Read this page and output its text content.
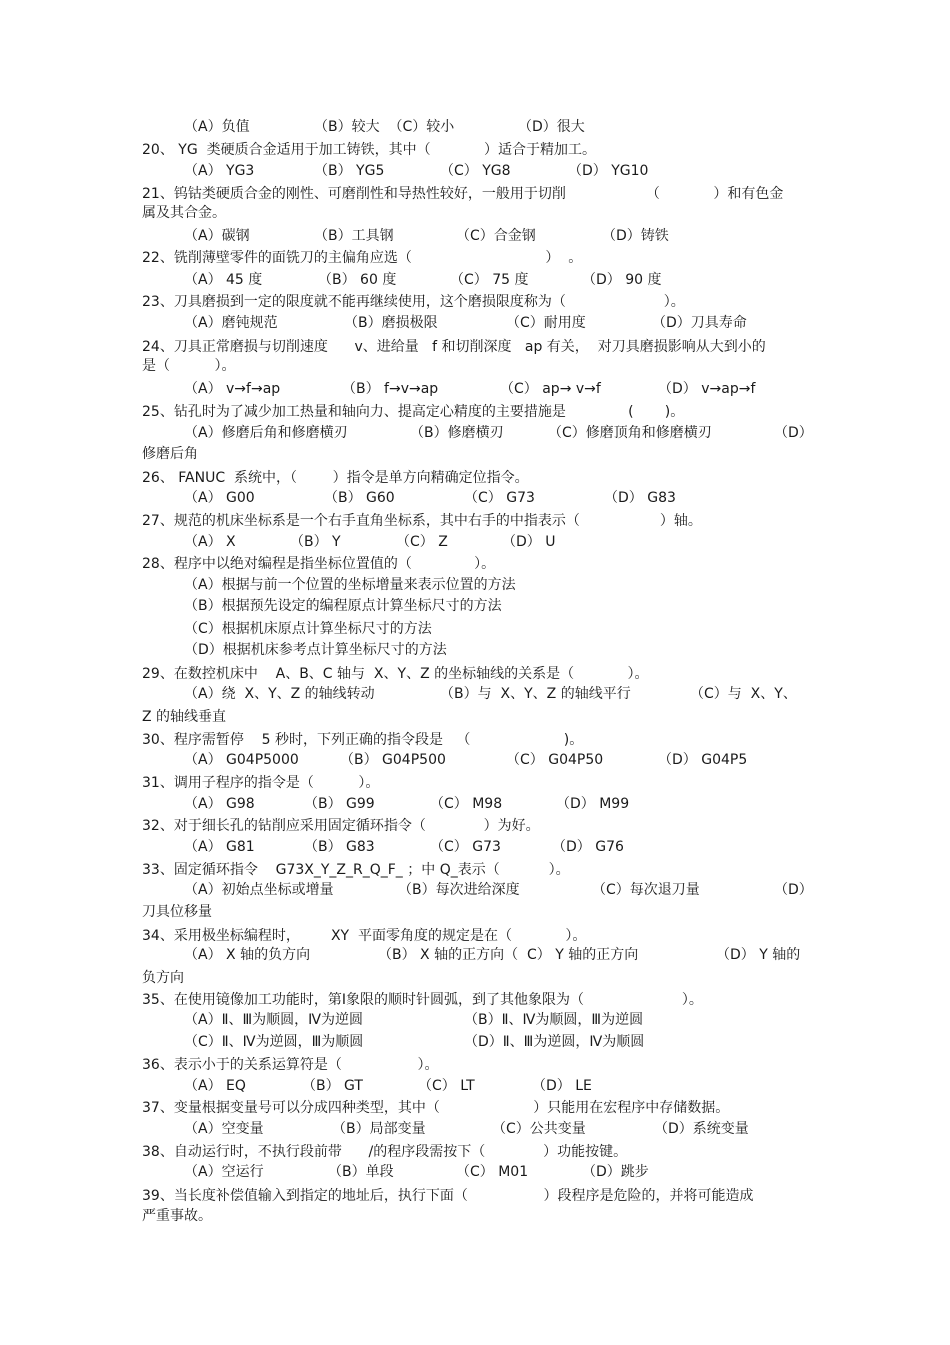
（A）负值	（B）较大  （C）较小	（D）很大
20、 YG  类硬质合金适用于加工铸铁，其中（            ）适合于精加工。
（A） YG3	（B） YG5	（C） YG8	（D） YG10
21、钨钴类硬质合金的刚性、可磨削性和导热性较好，一般用于切削                  （            ）和有色金
属及其合金。
（A）碳钢	（B）工具钢	（C）合金钢	（D）铸铁
22、铣削薄壁零件的面铣刀的主偏角应选（                              ）  。
（A） 45 度	（B） 60 度	（C） 75 度	（D） 90 度
23、刀具磨损到一定的限度就不能再继续使用，这个磨损限度称为（                      ）。
（A）磨钝规范	（B）磨损极限	（C）耐用度	（D）刀具寿命
24、刀具正常磨损与切削速度      v、进给量   f 和切削深度   ap 有关，  对刀具磨损影响从大到小的
是（          ）。
（A） v→f→ap	（B） f→v→ap	（C） ap→ v→f	（D） v→ap→f
25、钻孔时为了减少加工热量和轴向力、提高定心精度的主要措施是              (       )。
（A）修磨后角和修磨横刃	（B）修磨横刃	（C）修磨顶角和修磨横刃	（D）
修磨后角
26、 FANUC  系统中，（        ）指令是单方向精确定位指令。
（A） G00	（B） G60	（C） G73	（D） G83
27、规范的机床坐标系是一个右手直角坐标系，其中右手的中指表示（                  ）轴。
（A） X	（B） Y	（C） Z	（D） U
28、程序中以绝对编程是指坐标位置值的（              ）。
（A）根据与前一个位置的坐标增量来表示位置的方法
（B）根据预先设定的编程原点计算坐标尺寸的方法
（C）根据机床原点计算坐标尺寸的方法
（D）根据机床参考点计算坐标尺寸的方法
29、在数控机床中    A、B、C 轴与  X、Y、Z 的坐标轴线的关系是（            ）。
（A）绕  X、Y、Z 的轴线转动	（B）与  X、Y、Z 的轴线平行	（C）与  X、Y、
Z 的轴线垂直
30、程序需暂停    5 秒时，下列正确的指令段是   （                     )。
（A） G04P5000	（B） G04P500	（C） G04P50	（D） G04P5
31、调用子程序的指令是（          ）。
（A） G98	（B） G99	（C） M98	（D） M99
32、对于细长孔的钻削应采用固定循环指令（             ）为好。
（A） G81	（B） G83	（C） G73	（D） G76
33、固定循环指令    G73X_Y_Z_R_Q_F_ ；中 Q_表示（           ）。
（A）初始点坐标或增量	（B）每次进给深度	（C）每次退刀量	（D）
刀具位移量
34、采用极坐标编程时，       XY  平面零角度的规定是在（            ）。
（A） X 轴的负方向	（B） X 轴的正方向（  C） Y 轴的正方向	（D） Y 轴的
负方向
35、在使用镜像加工功能时，第Ⅰ象限的顺时针圆弧，到了其他象限为（                      ）。
（A）Ⅱ、Ⅲ为顺圆，Ⅳ为逆圆	（B）Ⅱ、Ⅳ为顺圆，Ⅲ为逆圆
（C）Ⅱ、Ⅳ为逆圆，Ⅲ为顺圆	（D）Ⅱ、Ⅲ为逆圆，Ⅳ为顺圆
36、表示小于的关系运算符是（                 ）。
（A） EQ	（B） GT	（C） LT	（D） LE
37、变量根据变量号可以分成四种类型，其中（                     ）只能用在宏程序中存储数据。
（A）空变量	（B）局部变量	（C）公共变量	（D）系统变量
38、自动运行时，不执行段前带      /的程序段需按下（             ）功能按键。
（A）空运行	（B）单段	（C） M01	（D）跳步
39、当长度补偿值输入到指定的地址后，执行下面（                 ）段程序是危险的，并将可能造成
严重事故。
